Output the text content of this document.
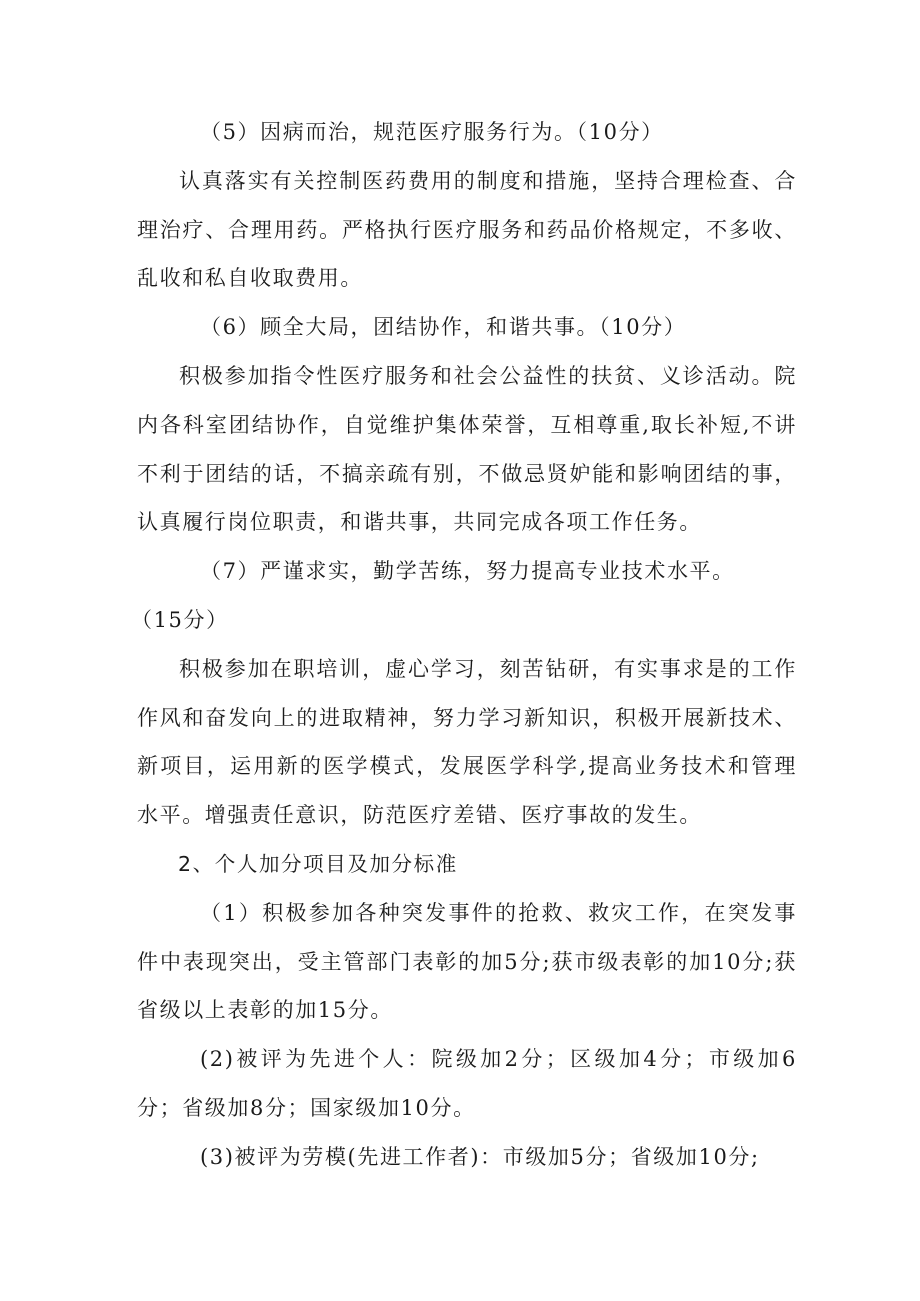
（5）因病而治，规范医疗服务行为。（10分）

认真落实有关控制医药费用的制度和措施，坚持合理检查、合理治疗、合理用药。严格执行医疗服务和药品价格规定，不多收、乱收和私自收取费用。

（6）顾全大局，团结协作，和谐共事。（10分）

积极参加指令性医疗服务和社会公益性的扶贫、义诊活动。院内各科室团结协作，自觉维护集体荣誉，互相尊重,取长补短,不讲不利于团结的话，不搞亲疏有别，不做忌贤妒能和影响团结的事，认真履行岗位职责，和谐共事，共同完成各项工作任务。

（7）严谨求实，勤学苦练，努力提高专业技术水平。

（15分）

积极参加在职培训，虚心学习，刻苦钻研，有实事求是的工作作风和奋发向上的进取精神，努力学习新知识，积极开展新技术、新项目，运用新的医学模式，发展医学科学,提高业务技术和管理水平。增强责任意识，防范医疗差错、医疗事故的发生。

2、个人加分项目及加分标准

（1）积极参加各种突发事件的抢救、救灾工作，在突发事件中表现突出，受主管部门表彰的加5分;获市级表彰的加10分;获省级以上表彰的加15分。

(2)被评为先进个人：院级加2分；区级加4分；市级加6分；省级加8分；国家级加10分。

(3)被评为劳模(先进工作者)：市级加5分；省级加10分;
